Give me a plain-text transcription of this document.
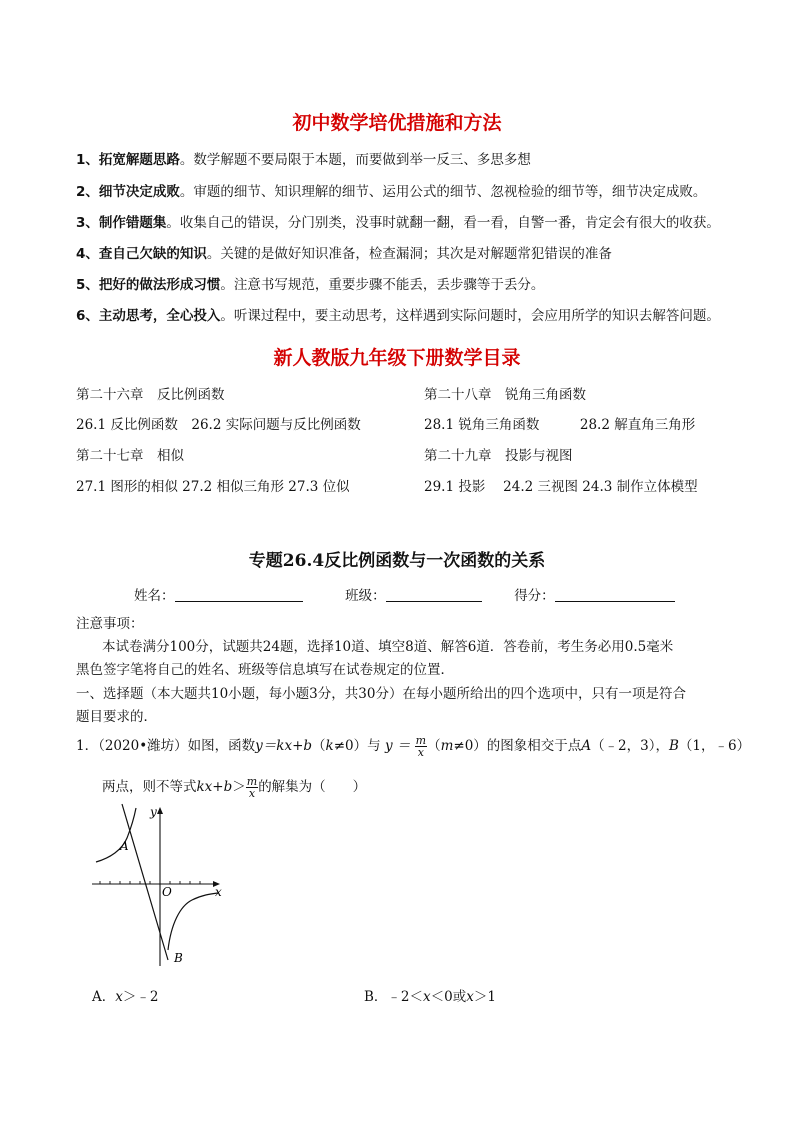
初中数学培优措施和方法
1、拓宽解题思路。数学解题不要局限于本题，而要做到举一反三、多思多想
2、细节决定成败。审题的细节、知识理解的细节、运用公式的细节、忽视检验的细节等，细节决定成败。
3、制作错题集。收集自己的错误，分门别类，没事时就翻一翻，看一看，自警一番，肯定会有很大的收获。
4、查自己欠缺的知识。关键的是做好知识准备，检查漏洞；其次是对解题常犯错误的准备
5、把好的做法形成习惯。注意书写规范，重要步骤不能丢，丢步骤等于丢分。
6、主动思考，全心投入。听课过程中，要主动思考，这样遇到实际问题时，会应用所学的知识去解答问题。
新人教版九年级下册数学目录
第二十六章　反比例函数
26.1 反比例函数　26.2 实际问题与反比例函数
第二十七章　相似
27.1 图形的相似 27.2 相似三角形 27.3 位似
第二十八章　锐角三角函数
28.1 锐角三角函数　　　28.2 解直角三角形
第二十九章　投影与视图
29.1 投影　 24.2 三视图 24.3 制作立体模型
专题26.4反比例函数与一次函数的关系
姓名：	班级：	得分：
注意事项：
本试卷满分100分，试题共24题，选择10道、填空8道、解答6道．答卷前，考生务必用0.5毫米
黑色签字笔将自己的姓名、班级等信息填写在试卷规定的位置．
一、选择题（本大题共10小题，每小题3分，共30分）在每小题所给出的四个选项中，只有一项是符合
题目要求的．
1．（2020•潍坊）如图，函数y＝kx+b（k≠0）与 $y = \frac{m}{x} (m\ne 0)$的图象相交于点A（﹣2，3），B（1，﹣6）
两点，则不等式$kx+b> \frac{m}{x}$ 的解集为（　　）
y
x
O
A
B
A．x＞﹣2	B．﹣2＜x＜0或x＞1
